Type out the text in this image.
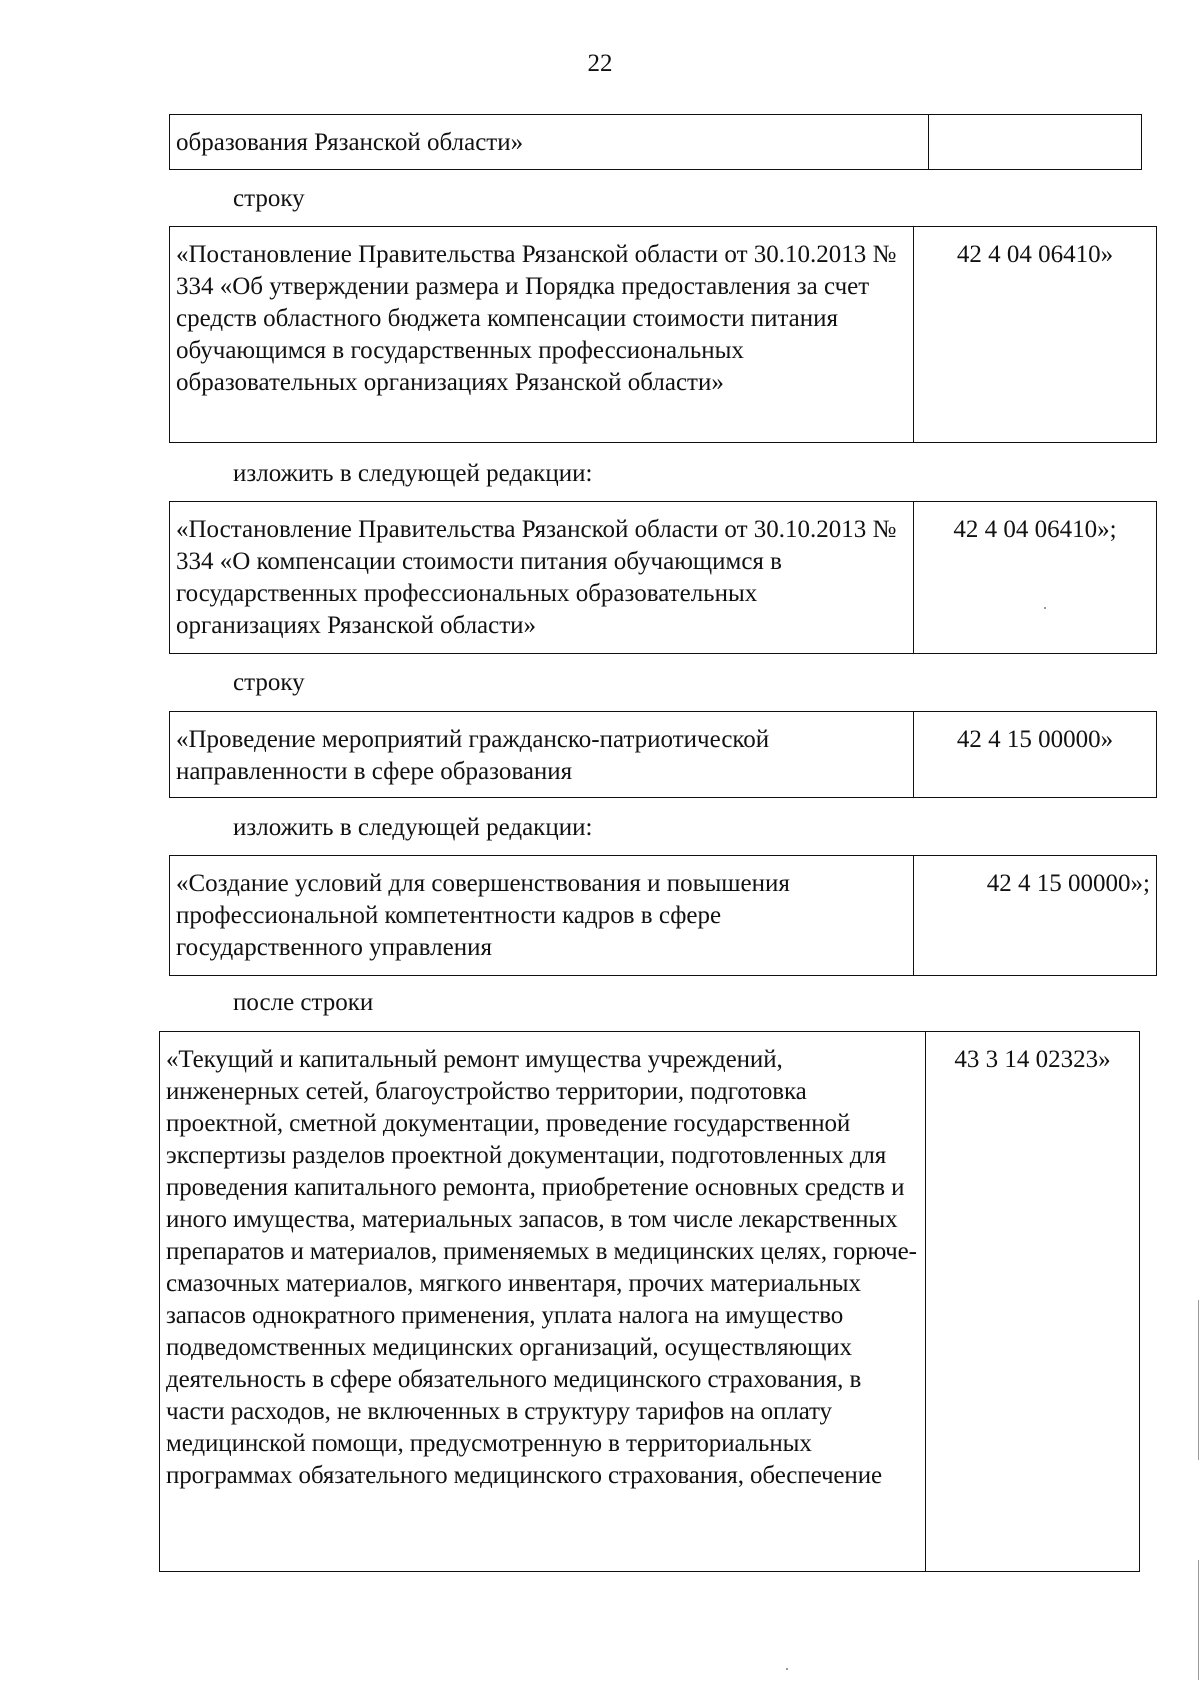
22
образования Рязанской области»	
строку
«Постановление Правительства Рязанской области от 30.10.2013 № 334 «Об утверждении размера и Порядка предоставления за счет средств областного бюджета компенсации стоимости питания обучающимся в государственных профессиональных образовательных организациях Рязанской области»	42 4 04 06410»
изложить в следующей редакции:
«Постановление Правительства Рязанской области от 30.10.2013 № 334 «О компенсации стоимости питания обучающимся в государственных профессиональных образовательных организациях Рязанской области»	42 4 04 06410»;
строку
«Проведение мероприятий гражданско-патриотической направленности в сфере образования	42 4 15 00000»
изложить в следующей редакции:
«Создание условий для совершенствования и повышения профессиональной компетентности кадров в сфере государственного управления	42 4 15 00000»;
после строки
«Текущий и капитальный ремонт имущества учреждений, инженерных сетей, благоустройство территории, подготовка проектной, сметной документации, проведение государственной экспертизы разделов проектной документации, подготовленных для проведения капитального ремонта, приобретение основных средств и иного имущества, материальных запасов, в том числе лекарственных препаратов и материалов, применяемых в медицинских целях, горюче-смазочных материалов, мягкого инвентаря, прочих материальных запасов однократного применения, уплата налога на имущество подведомственных медицинских организаций, осуществляющих деятельность в сфере обязательного медицинского страхования, в части расходов, не включенных в структуру тарифов на оплату медицинской помощи, предусмотренную в территориальных программах обязательного медицинского страхования, обеспечение	43 3 14 02323»
